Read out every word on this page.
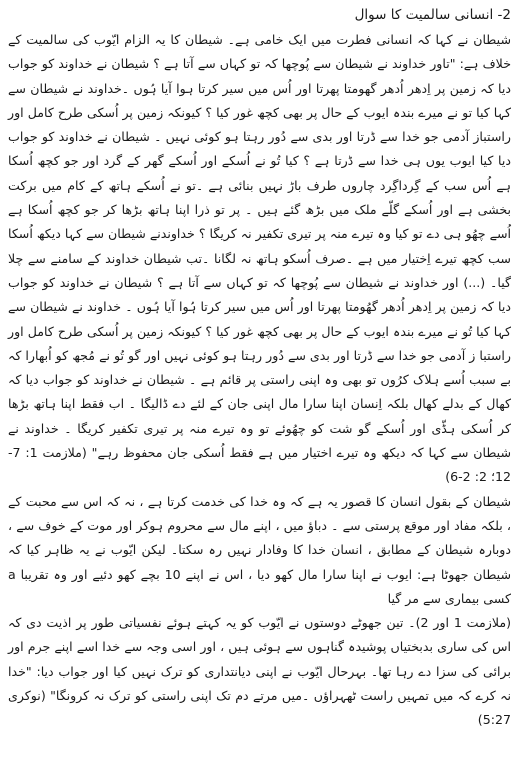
2- انسانی سالمیت کا سوال

شیطان نے کہا کہ انسانی فطرت میں ایک خامی ہے۔ شیطان کا یہ الزام ایّوب کی سالمیت کے خلاف ہے: "تاور خداوند نے شیطان سے پُوچھا کہ تو کہاں سے آتا ہے ؟ شیطان نے خداوند کو جواب دیا کہ زمین پر اِدھر اُدھر گھومتا پھرتا اور اُس میں سیر کرتا ہوا آیا ہُوں ۔خداوند نے شیطان سے کہا کیا تو نے میرے بندہ ایوب کے حال پر بھی کچھ غور کیا ؟ کیونکہ زمین پر اُسکی طرح کامل اور راستباز آدمی جو خدا سے ڈرتا اور بدی سے دُور رہتا ہو کوئی نہیں ۔ شیطان نے خداوند کو جواب دیا کیا ایوب یوں ہی خدا سے ڈرتا ہے ؟ کیا تُو نے اُسکے اور اُسکے گھر کے گرد اور جو کچھ اُسکا ہے اُس سب کے گِرداگِرد چاروں طرف باڑ نہیں بنائی ہے ۔تو نے اُسکے ہاتھ کے کام میں برکت بخشی ہے اور اُسکے گلّے ملک میں بڑھ گئے ہیں ۔ پر تو ذرا اپنا ہاتھ بڑھا کر جو کچھ اُسکا ہے اُسے چھُو ہی دے تو کیا وہ تیرے منہ پر تیری تکفیر نہ کریگا ؟ خداوندنے شیطان سے کہا دیکھ اُسکا سب کچھ تیرے اِختیار میں ہے ۔صرف اُسکو ہاتھ نہ لگانا ۔تب شیطان خداوند کے سامنے سے چلا گیا۔ (...) اور خداوند نے شیطان سے پُوچھا کہ تو کہاں سے آتا ہے ؟ شیطان نے خداوند کو جواب دیا کہ زمین پر اِدھر اُدھر گھُومتا پھرتا اور اُس میں سیر کرتا ہُوا آیا ہُوں ۔ خداوند نے شیطان سے کہا کیا تُو نے میرے بندہ ایوب کے حال پر بھی کچھ غور کیا ؟ کیونکہ زمین پر اُسکی طرح کامل اور راستبا ز آدمی جو خدا سے ڈرتا اور بدی سے دُور رہتا ہو کوئی نہیں اور گو تُو نے مُجھ کو اُبھارا کہ بے سبب اُسے ہلاک کرُوں تو بھی وہ اپنی راستی پر قائم ہے ۔ شیطان نے خداوند کو جواب دیا کہ کھال کے بدلے کھال بلکہ اِنسان اپنا سارا مال اپنی جان کے لئے دے ڈالیگا ۔ اب فقط اپنا ہاتھ بڑھا کر اُسکی ہڈّی اور اُسکے گو شت کو چھُوئے تو وہ تیرے منہ پر تیری تکفیر کریگا ۔ خداوند نے شیطان سے کہا کہ دیکھ وہ تیرے اختیار میں ہے فقط اُسکی جان محفوظ رہے" (ملازمت 1: 7-12؛ 2: 2-6)

شیطان کے بقول انسان کا قصور یہ ہے کہ وہ خدا کی خدمت کرتا ہے ، نہ کہ اس سے محبت کے ، بلکہ مفاد اور موقع پرستی سے ۔ دباؤ میں ، اپنے مال سے محروم ہوکر اور موت کے خوف سے ، دوبارہ شیطان کے مطابق ، انسان خدا کا وفادار نہیں رہ سکتا۔ لیکن ایّوب نے یہ ظاہر کیا کہ شیطان جھوٹا ہے: ایوب نے اپنا سارا مال کھو دیا ، اس نے اپنے 10 بچے کھو دئیے اور وہ تقریبا a کسی بیماری سے مر گیا

(ملازمت 1 اور 2)۔ تین جھوٹے دوستوں نے ایّوب کو یہ کہتے ہوئے نفسیاتی طور پر اذیت دی کہ اس کی ساری بدبختیاں پوشیدہ گناہوں سے ہوئی ہیں ، اور اسی وجہ سے خدا اسے اپنے جرم اور برائی کی سزا دے رہا تھا۔ بہرحال ایّوب نے اپنی دیانتداری کو ترک نہیں کیا اور جواب دیا: "خدا نہ کرے کہ میں تمہیں راست ٹھہراؤں ۔میں مرتے دم تک اپنی راستی کو ترک نہ کرونگا" (نوکری 5:27)
